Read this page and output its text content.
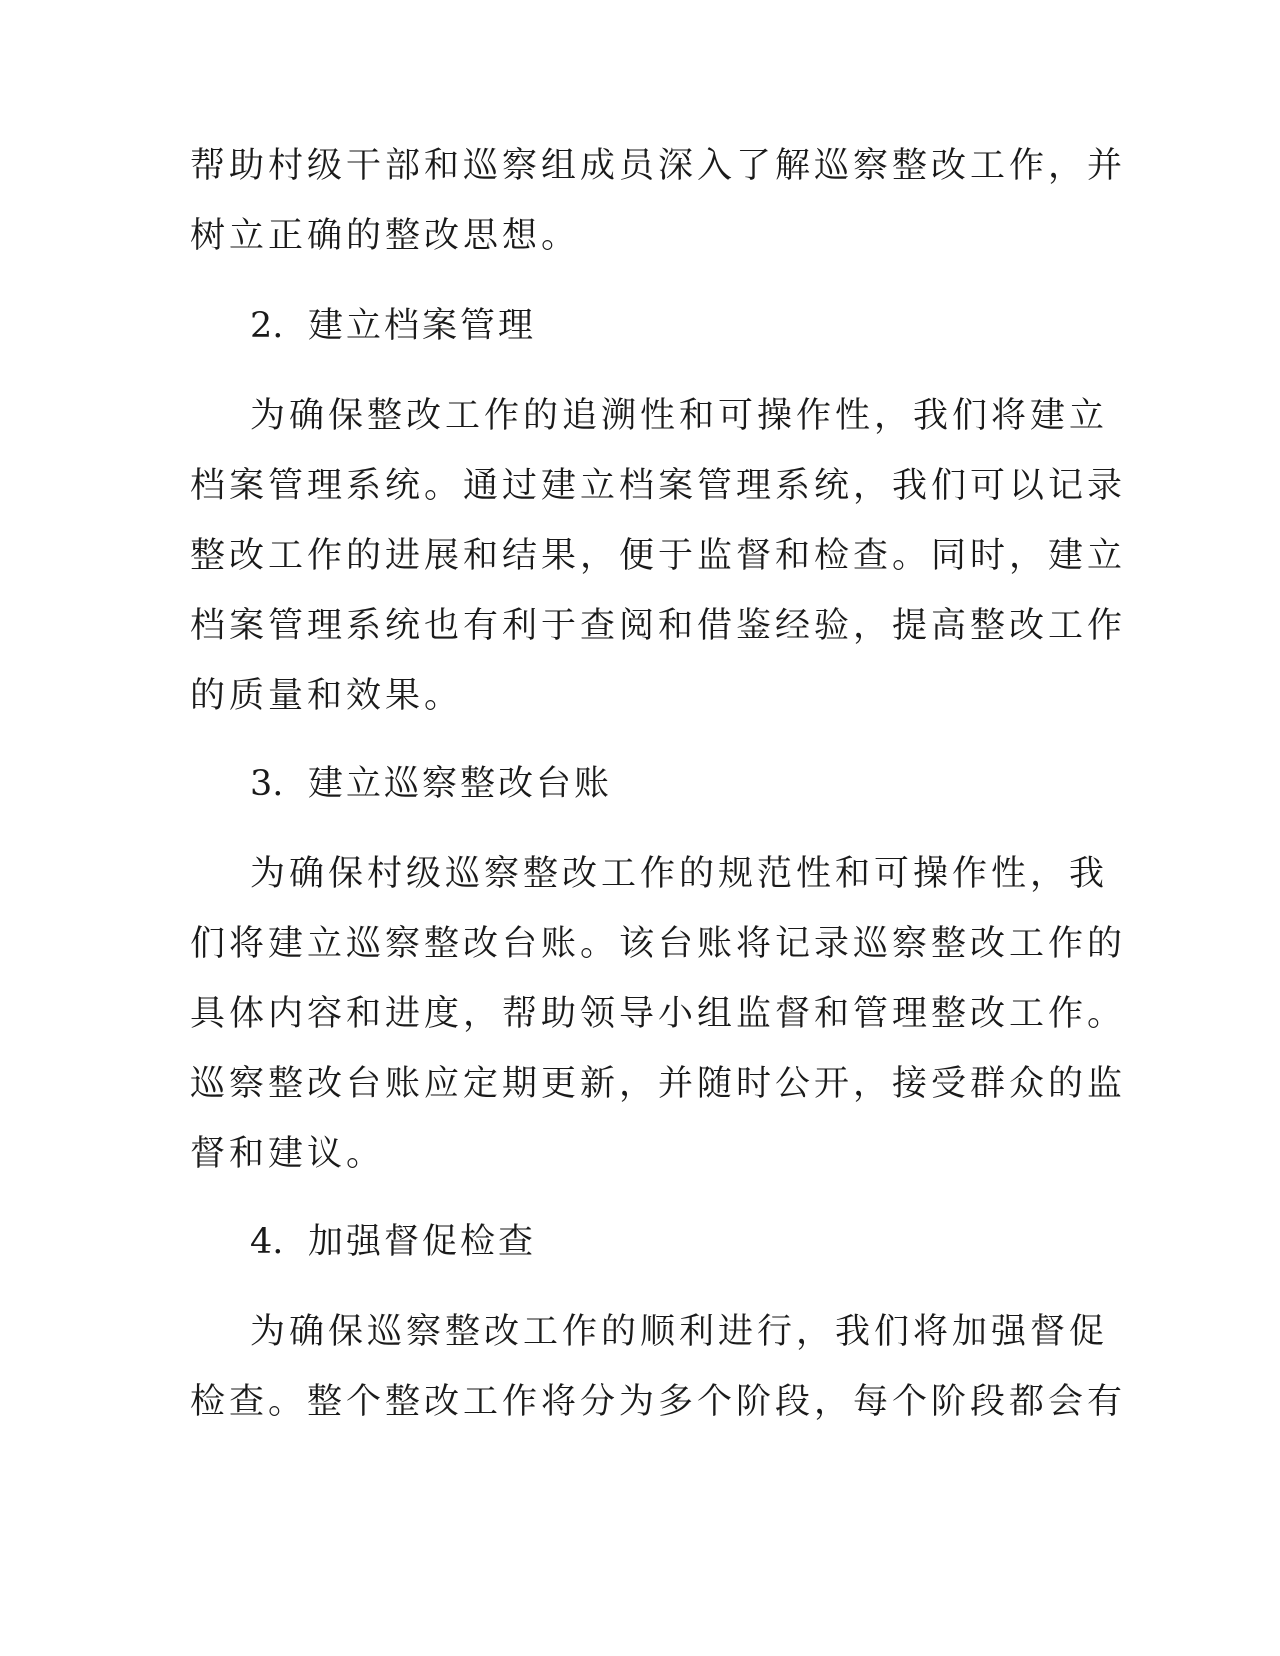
帮助村级干部和巡察组成员深入了解巡察整改工作，并
树立正确的整改思想。
2. 建立档案管理
为确保整改工作的追溯性和可操作性，我们将建立
档案管理系统。通过建立档案管理系统，我们可以记录
整改工作的进展和结果，便于监督和检查。同时，建立
档案管理系统也有利于查阅和借鉴经验，提高整改工作
的质量和效果。
3. 建立巡察整改台账
为确保村级巡察整改工作的规范性和可操作性，我
们将建立巡察整改台账。该台账将记录巡察整改工作的
具体内容和进度，帮助领导小组监督和管理整改工作。
巡察整改台账应定期更新，并随时公开，接受群众的监
督和建议。
4. 加强督促检查
为确保巡察整改工作的顺利进行，我们将加强督促
检查。整个整改工作将分为多个阶段，每个阶段都会有
